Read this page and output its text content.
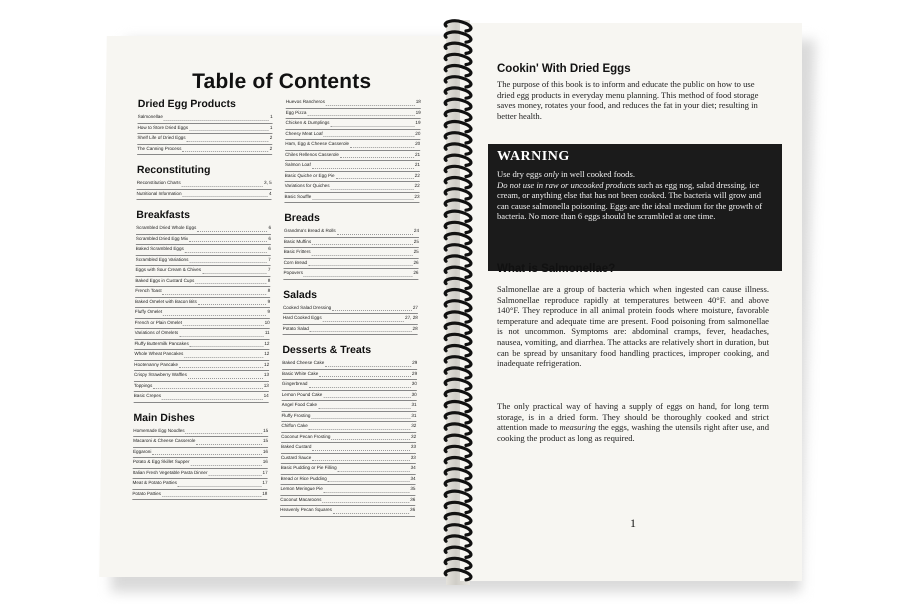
Table of Contents
Dried Egg Products
Salmonellae	1
How to Store Dried Eggs	1
Shelf Life of Dried Eggs	2
The Canning Process	2
Reconstituting
Reconstitution Charts	3, 5
Nutritional Information	4
Breakfasts
Scrambled Dried Whole Eggs	6
Scrambled Dried Egg Mix	6
Baked Scrambled Eggs	6
Scrambled Egg Variations	7
Eggs with Sour Cream & Chives	7
Baked Eggs in Custard Cups	8
French Toast	8
Baked Omelet with Bacon Bits	9
Fluffy Omelet	9
French or Plain Omelet	10
Variations of Omelets	11
Fluffy Buttermilk Pancakes	12
Whole Wheat Pancakes	12
Hootenanny Pancake	12
Crispy Strawberry Waffles	13
Toppings	13
Basic Crepes	14
Main Dishes
Homemade Egg Noodles	15
Macaroni & Cheese Casserole	15
Eggaroni	16
Potato & Egg Skillet Supper	16
Italian Fresh Vegetable Pasta Dinner	17
Meat & Potato Patties	17
Potato Patties	18
Huevos Rancheros	18
Egg Pizza	19
Chicken & Dumplings	19
Cheesy Meat Loaf	20
Ham, Egg & Cheese Casserole	20
Chiles Rellenos Casserole	21
Salmon Loaf	21
Basic Quiche or Egg Pie	22
Variations for Quiches	22
Basic Souffle	23
Breads
Grandma's Bread & Rolls	24
Basic Muffins	25
Basic Fritters	25
Corn Bread	26
Popovers	26
Salads
Cooked Salad Dressing	27
Hard Cooked Eggs	27, 28
Potato Salad	28
Desserts & Treats
Baked Cheese Cake	29
Basic White Cake	29
Gingerbread	30
Lemon Pound Cake	30
Angel Food Cake	31
Fluffy Frosting	31
Chiffon Cake	32
Coconut Pecan Frosting	32
Baked Custard	33
Custard Sauce	33
Basic Pudding or Pie Filling	34
Bread or Rice Pudding	34
Lemon Meringue Pie	35
Coconut Macaroons	36
Heavenly Pecan Squares	36
Cookin' With Dried Eggs
The purpose of this book is to inform and educate the public on how to use dried egg products in everyday menu planning. This method of food storage saves money, rotates your food, and reduces the fat in your diet; resulting in better health.
WARNING
Use dry eggs only in well cooked foods.
Do not use in raw or uncooked products such as egg nog, salad dressing, ice cream, or anything else that has not been cooked. The bacteria will grow and can cause salmonella poisoning. Eggs are the ideal medium for the growth of bacteria. No more than 6 eggs should be scrambled at one time.
What is Salmonellae?
Salmonellae are a group of bacteria which when ingested can cause illness. Salmonellae reproduce rapidly at temperatures between 40°F. and above 140°F. They reproduce in all animal protein foods where moisture, favorable temperature and adequate time are present. Food poisoning from salmonellae is not uncommon. Symptoms are: abdominal cramps, fever, headaches, nausea, vomiting, and diarrhea. The attacks are relatively short in duration, but can be spread by unsanitary food handling practices, improper cooking, and inadequate refrigeration.
The only practical way of having a supply of eggs on hand, for long term storage, is in a dried form. They should be thoroughly cooked and strict attention made to measuring the eggs, washing the utensils right after use, and cooking the product as long as required.
1
